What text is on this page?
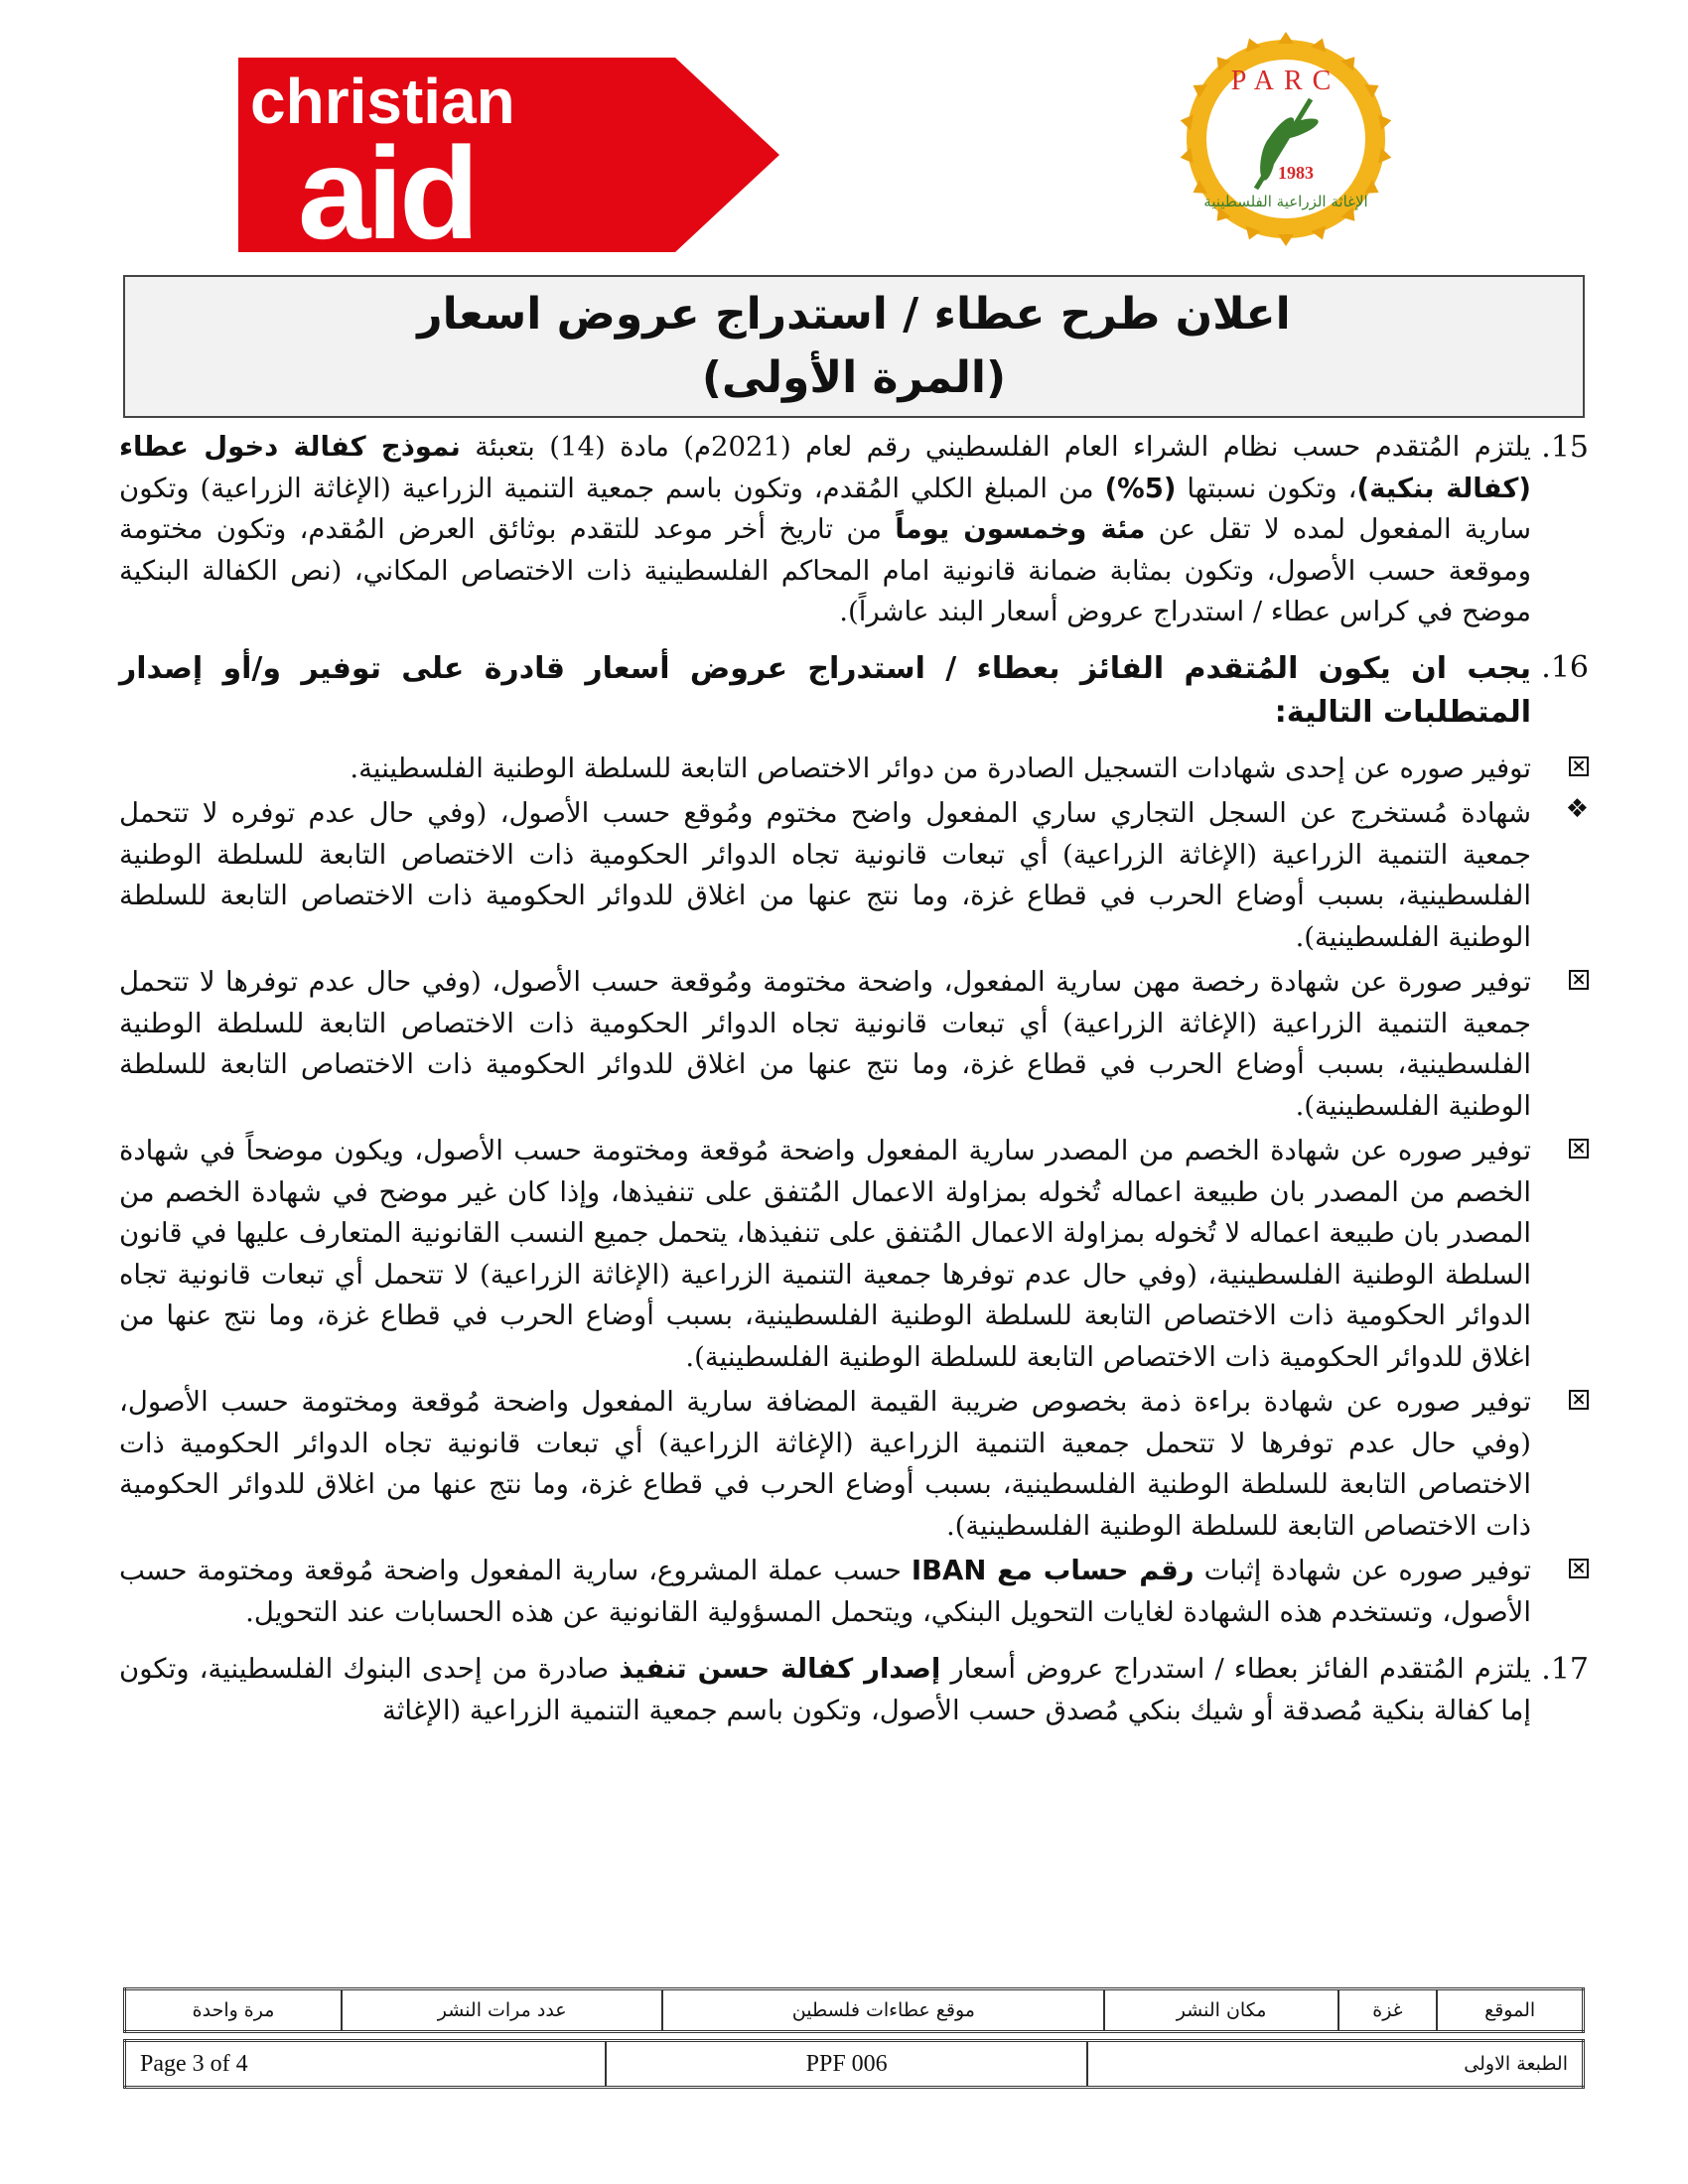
christian
aid
PARC
1983
الإغاثة الزراعية الفلسطينية
اعلان طرح عطاء / استدراج عروض اسعار
(المرة الأولى)
15.
يلتزم المُتقدم حسب نظام الشراء العام الفلسطيني رقم لعام (2021م) مادة (14) بتعبئة نموذج كفالة دخول عطاء (كفالة بنكية)، وتكون نسبتها (5%) من المبلغ الكلي المُقدم، وتكون باسم جمعية التنمية الزراعية (الإغاثة الزراعية) وتكون سارية المفعول لمده لا تقل عن مئة وخمسون يوماً من تاريخ أخر موعد للتقدم بوثائق العرض المُقدم، وتكون مختومة وموقعة حسب الأصول، وتكون بمثابة ضمانة قانونية امام المحاكم الفلسطينية ذات الاختصاص المكاني، (نص الكفالة البنكية موضح في كراس عطاء / استدراج عروض أسعار البند عاشراً).
16.
يجب ان يكون المُتقدم الفائز بعطاء / استدراج عروض أسعار قادرة على توفير و/أو إصدار المتطلبات التالية:
×
توفير صوره عن إحدى شهادات التسجيل الصادرة من دوائر الاختصاص التابعة للسلطة الوطنية الفلسطينية.
❖
شهادة مُستخرج عن السجل التجاري ساري المفعول واضح مختوم ومُوقع حسب الأصول، (وفي حال عدم توفره لا تتحمل جمعية التنمية الزراعية (الإغاثة الزراعية) أي تبعات قانونية تجاه الدوائر الحكومية ذات الاختصاص التابعة للسلطة الوطنية الفلسطينية، بسبب أوضاع الحرب في قطاع غزة، وما نتج عنها من اغلاق للدوائر الحكومية ذات الاختصاص التابعة للسلطة الوطنية الفلسطينية).
×
توفير صورة عن شهادة رخصة مهن سارية المفعول، واضحة مختومة ومُوقعة حسب الأصول، (وفي حال عدم توفرها لا تتحمل جمعية التنمية الزراعية (الإغاثة الزراعية) أي تبعات قانونية تجاه الدوائر الحكومية ذات الاختصاص التابعة للسلطة الوطنية الفلسطينية، بسبب أوضاع الحرب في قطاع غزة، وما نتج عنها من اغلاق للدوائر الحكومية ذات الاختصاص التابعة للسلطة الوطنية الفلسطينية).
×
توفير صوره عن شهادة الخصم من المصدر سارية المفعول واضحة مُوقعة ومختومة حسب الأصول، ويكون موضحاً في شهادة الخصم من المصدر بان طبيعة اعماله تُخوله بمزاولة الاعمال المُتفق على تنفيذها، وإذا كان غير موضح في شهادة الخصم من المصدر بان طبيعة اعماله لا تُخوله بمزاولة الاعمال المُتفق على تنفيذها، يتحمل جميع النسب القانونية المتعارف عليها في قانون السلطة الوطنية الفلسطينية، (وفي حال عدم توفرها جمعية التنمية الزراعية (الإغاثة الزراعية) لا تتحمل أي تبعات قانونية تجاه الدوائر الحكومية ذات الاختصاص التابعة للسلطة الوطنية الفلسطينية، بسبب أوضاع الحرب في قطاع غزة، وما نتج عنها من اغلاق للدوائر الحكومية ذات الاختصاص التابعة للسلطة الوطنية الفلسطينية).
×
توفير صوره عن شهادة براءة ذمة بخصوص ضريبة القيمة المضافة سارية المفعول واضحة مُوقعة ومختومة حسب الأصول، (وفي حال عدم توفرها لا تتحمل جمعية التنمية الزراعية (الإغاثة الزراعية) أي تبعات قانونية تجاه الدوائر الحكومية ذات الاختصاص التابعة للسلطة الوطنية الفلسطينية، بسبب أوضاع الحرب في قطاع غزة، وما نتج عنها من اغلاق للدوائر الحكومية ذات الاختصاص التابعة للسلطة الوطنية الفلسطينية).
×
توفير صوره عن شهادة إثبات رقم حساب مع IBAN حسب عملة المشروع، سارية المفعول واضحة مُوقعة ومختومة حسب الأصول، وتستخدم هذه الشهادة لغايات التحويل البنكي، ويتحمل المسؤولية القانونية عن هذه الحسابات عند التحويل.
17.
يلتزم المُتقدم الفائز بعطاء / استدراج عروض أسعار إصدار كفالة حسن تنفيذ صادرة من إحدى البنوك الفلسطينية، وتكون إما كفالة بنكية مُصدقة أو شيك بنكي مُصدق حسب الأصول، وتكون باسم جمعية التنمية الزراعية (الإغاثة
الموقع	غزة	مكان النشر	موقع عطاءات فلسطين	عدد مرات النشر	مرة واحدة
Page 3 of 4	PPF 006	الطبعة الاولى
